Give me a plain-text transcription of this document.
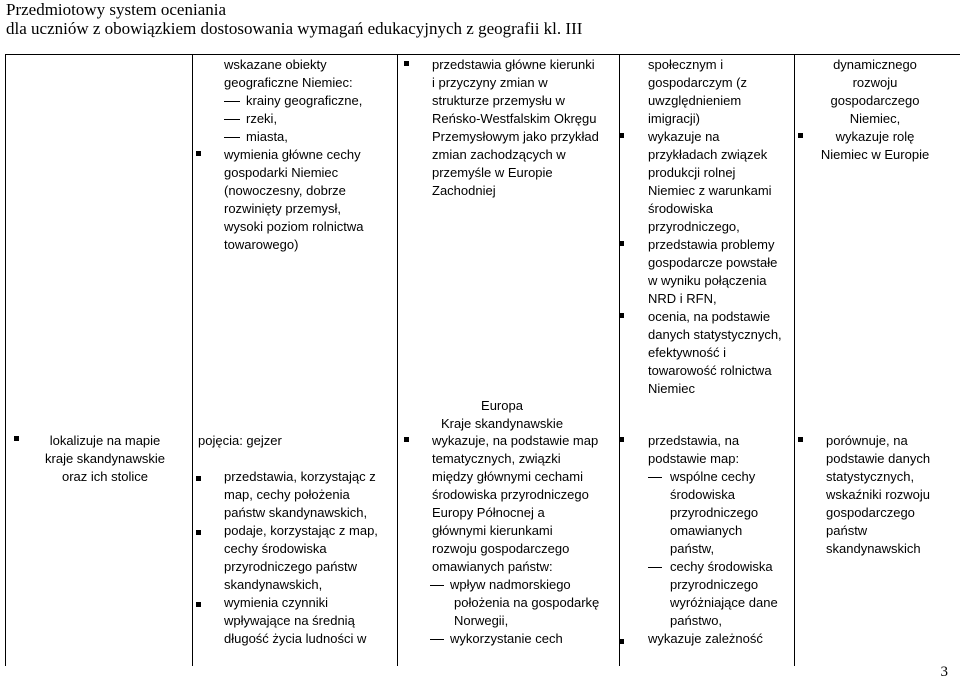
Przedmiotowy system oceniania
dla uczniów z obowiązkiem dostosowania wymagań edukacyjnych z geografii kl. III
wskazane obiekty
geograficzne Niemiec:
krainy geograficzne,
rzeki,
miasta,
wymienia główne cechy
gospodarki Niemiec
(nowoczesny, dobrze
rozwinięty przemysł,
wysoki poziom rolnictwa
towarowego)
przedstawia główne kierunki
i przyczyny zmian w
strukturze przemysłu w
Reńsko-Westfalskim Okręgu
Przemysłowym jako przykład
zmian zachodzących w
przemyśle w Europie
Zachodniej
społecznym i
gospodarczym (z
uwzględnieniem
imigracji)
wykazuje na
przykładach związek
produkcji rolnej
Niemiec z warunkami
środowiska
przyrodniczego,
przedstawia problemy
gospodarcze powstałe
w wyniku połączenia
NRD i RFN,
ocenia, na podstawie
danych statystycznych,
efektywność i
towarowość rolnictwa
Niemiec
dynamicznego
rozwoju
gospodarczego
Niemiec,
wykazuje rolę
Niemiec w Europie
Europa
Kraje skandynawskie
lokalizuje na mapie
kraje skandynawskie
oraz ich stolice
pojęcia: gejzer
przedstawia, korzystając z
map, cechy położenia
państw skandynawskich,
podaje, korzystając z map,
cechy środowiska
przyrodniczego państw
skandynawskich,
wymienia czynniki
wpływające na średnią
długość życia ludności w
wykazuje, na podstawie map
tematycznych, związki
między głównymi cechami
środowiska przyrodniczego
Europy Północnej a
głównymi kierunkami
rozwoju gospodarczego
omawianych państw:
wpływ nadmorskiego
położenia na gospodarkę
Norwegii,
wykorzystanie cech
przedstawia, na
podstawie map:
wspólne cechy
środowiska
przyrodniczego
omawianych
państw,
cechy środowiska
przyrodniczego
wyróżniające dane
państwo,
wykazuje zależność
porównuje, na
podstawie danych
statystycznych,
wskaźniki rozwoju
gospodarczego
państw
skandynawskich
3
